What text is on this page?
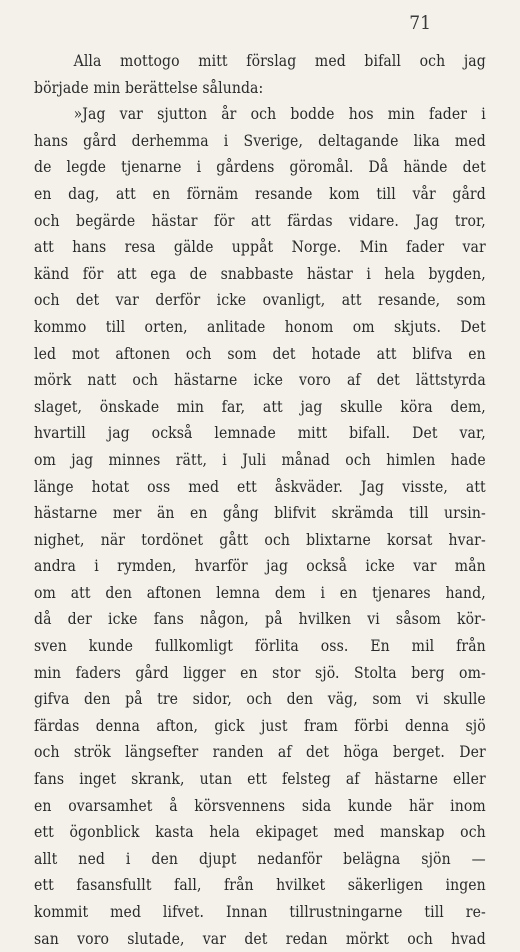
71
Alla mottogo mitt förslag med bifall och jag
började min berättelse sålunda:
»Jag var sjutton år och bodde hos min fader i
hans gård derhemma i Sverige, deltagande lika med
de legde tjenarne i gårdens göromål. Då hände det
en dag, att en förnäm resande kom till vår gård
och begärde hästar för att färdas vidare. Jag tror,
att hans resa gälde uppåt Norge. Min fader var
känd för att ega de snabbaste hästar i hela bygden,
och det var derför icke ovanligt, att resande, som
kommo till orten, anlitade honom om skjuts. Det
led mot aftonen och som det hotade att blifva en
mörk natt och hästarne icke voro af det lättstyrda
slaget, önskade min far, att jag skulle köra dem,
hvartill jag också lemnade mitt bifall. Det var,
om jag minnes rätt, i Juli månad och himlen hade
länge hotat oss med ett åskväder. Jag visste, att
hästarne mer än en gång blifvit skrämda till ursin-
nighet, när tordönet gått och blixtarne korsat hvar-
andra i rymden, hvarför jag också icke var mån
om att den aftonen lemna dem i en tjenares hand,
då der icke fans någon, på hvilken vi såsom kör-
sven kunde fullkomligt förlita oss. En mil från
min faders gård ligger en stor sjö. Stolta berg om-
gifva den på tre sidor, och den väg, som vi skulle
färdas denna afton, gick just fram förbi denna sjö
och strök längsefter randen af det höga berget. Der
fans inget skrank, utan ett felsteg af hästarne eller
en ovarsamhet å körsvennens sida kunde här inom
ett ögonblick kasta hela ekipaget med manskap och
allt ned i den djupt nedanför belägna sjön —
ett fasansfullt fall, från hvilket säkerligen ingen
kommit med lifvet. Innan tillrustningarne till re-
san voro slutade, var det redan mörkt och hvad
